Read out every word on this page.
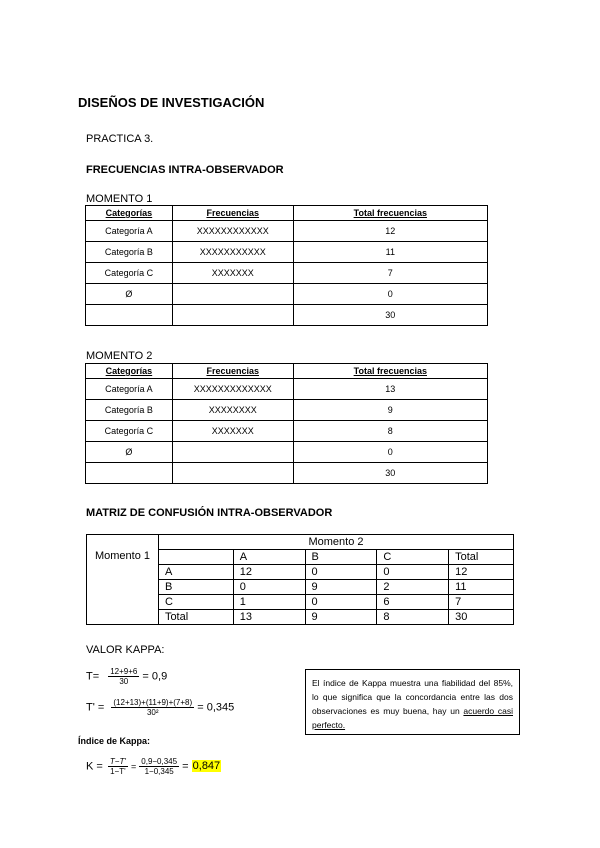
DISEÑOS DE INVESTIGACIÓN
PRACTICA 3.
FRECUENCIAS INTRA-OBSERVADOR
MOMENTO 1
Categorías	Frecuencias	Total frecuencias
Categoría A	XXXXXXXXXXXX	12
Categoría B	XXXXXXXXXXX	11
Categoría C	XXXXXXX	7
Ø		0
		30
MOMENTO 2
Categorías	Frecuencias	Total frecuencias
Categoría A	XXXXXXXXXXXXX	13
Categoría B	XXXXXXXX	9
Categoría C	XXXXXXX	8
Ø		0
		30
MATRIZ DE CONFUSIÓN INTRA-OBSERVADOR
	Momento 2				
Momento 1		A	B	C	Total
	A	12	0	0	12
	B	0	9	2	11
	C	1	0	6	7
	Total	13	9	8	30
VALOR KAPPA:
$T= \frac{12+9+6}{30} = 0,9$
$T' = \frac{(12+13)+(11+9)+(7+8)}{\text{30²}} = 0,345$
El índice de Kappa muestra una fiabilidad del 85%, lo que significa que la concordancia entre las dos observaciones es muy buena, hay un acuerdo casi perfecto.
Índice de Kappa:
$K = \frac{T-T'}{1-T'} = \frac{0,9-0,345}{1-0,345} = 0,847$
